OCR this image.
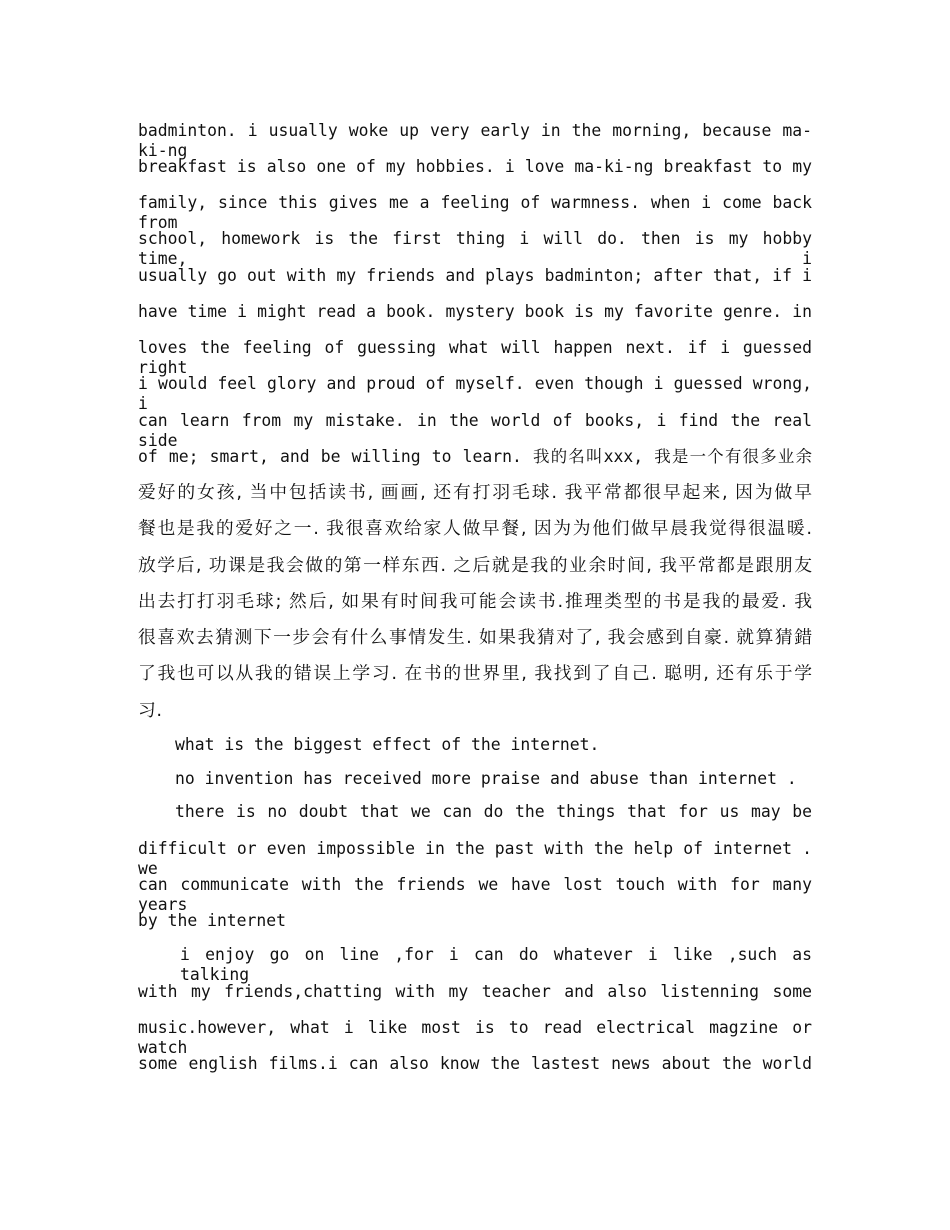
badminton. i usually woke up very early in the morning, because ma-ki-ng
breakfast is also one of my hobbies. i love ma-ki-ng breakfast to my
family, since this gives me a feeling of warmness. when i come back from
school, homework is the first thing i will do. then is my hobby time, i
usually go out with my friends and plays badminton; after that, if i
have time i might read a book. mystery book is my favorite genre. in
loves the feeling of guessing what will happen next. if i guessed right
i would feel glory and proud of myself. even though i guessed wrong, i
can learn from my mistake. in the world of books, i find the real side
of me; smart, and be willing to learn. 我的名叫xxx, 我是一个有很多业余
爱好的女孩, 当中包括读书, 画画, 还有打羽毛球. 我平常都很早起来, 因为做早
餐也是我的爱好之一. 我很喜欢给家人做早餐, 因为为他们做早晨我觉得很温暖.
放学后, 功课是我会做的第一样东西. 之后就是我的业余时间, 我平常都是跟朋友
出去打打羽毛球; 然后, 如果有时间我可能会读书.推理类型的书是我的最爱. 我
很喜欢去猜测下一步会有什么事情发生. 如果我猜对了, 我会感到自豪. 就算猜錯
了我也可以从我的错误上学习. 在书的世界里, 我找到了自己. 聪明, 还有乐于学
习.
what is the biggest effect of the internet.
no invention has received more praise and abuse than internet .
there is no doubt that we can do the things that for us may be
difficult or even impossible in the past with the help of internet . we
can communicate with the friends we have lost touch with for many years
by the internet
i enjoy go on line ,for i can do whatever i like ,such as talking
with my friends,chatting with my teacher and also listenning some
music.however, what i like most is to read electrical magzine or watch
some english films.i can also know the lastest news about the world
